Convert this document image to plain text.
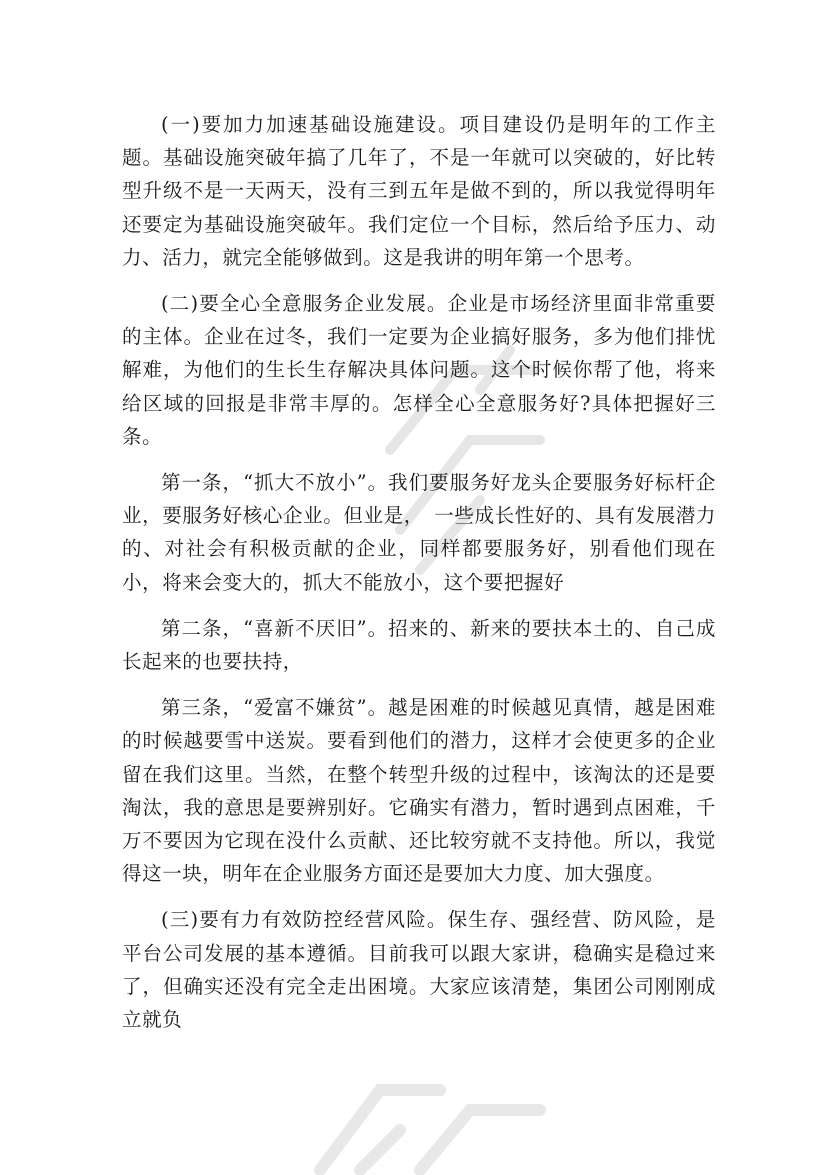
(一)要加力加速基础设施建设。项目建设仍是明年的工作主题。基础设施突破年搞了几年了，不是一年就可以突破的，好比转型升级不是一天两天，没有三到五年是做不到的，所以我觉得明年还要定为基础设施突破年。我们定位一个目标，然后给予压力、动力、活力，就完全能够做到。这是我讲的明年第一个思考。

(二)要全心全意服务企业发展。企业是市场经济里面非常重要的主体。企业在过冬，我们一定要为企业搞好服务，多为他们排忧解难，为他们的生长生存解决具体问题。这个时候你帮了他，将来给区域的回报是非常丰厚的。怎样全心全意服务好?具体把握好三条。

第一条，“抓大不放小”。我们要服务好龙头企要服务好标杆企业，要服务好核心企业。但业是，　一些成长性好的、具有发展潜力的、对社会有积极贡献的企业，同样都要服务好，别看他们现在小，将来会变大的，抓大不能放小，这个要把握好

第二条，“喜新不厌旧”。招来的、新来的要扶本土的、自己成长起来的也要扶持，

第三条，“爱富不嫌贫”。越是困难的时候越见真情，越是困难的时候越要雪中送炭。要看到他们的潜力，这样才会使更多的企业留在我们这里。当然，在整个转型升级的过程中，该淘汰的还是要淘汰，我的意思是要辨别好。它确实有潜力，暂时遇到点困难，千万不要因为它现在没什么贡献、还比较穷就不支持他。所以，我觉得这一块，明年在企业服务方面还是要加大力度、加大强度。

(三)要有力有效防控经营风险。保生存、强经营、防风险，是平台公司发展的基本遵循。目前我可以跟大家讲，稳确实是稳过来了，但确实还没有完全走出困境。大家应该清楚，集团公司刚刚成立就负
